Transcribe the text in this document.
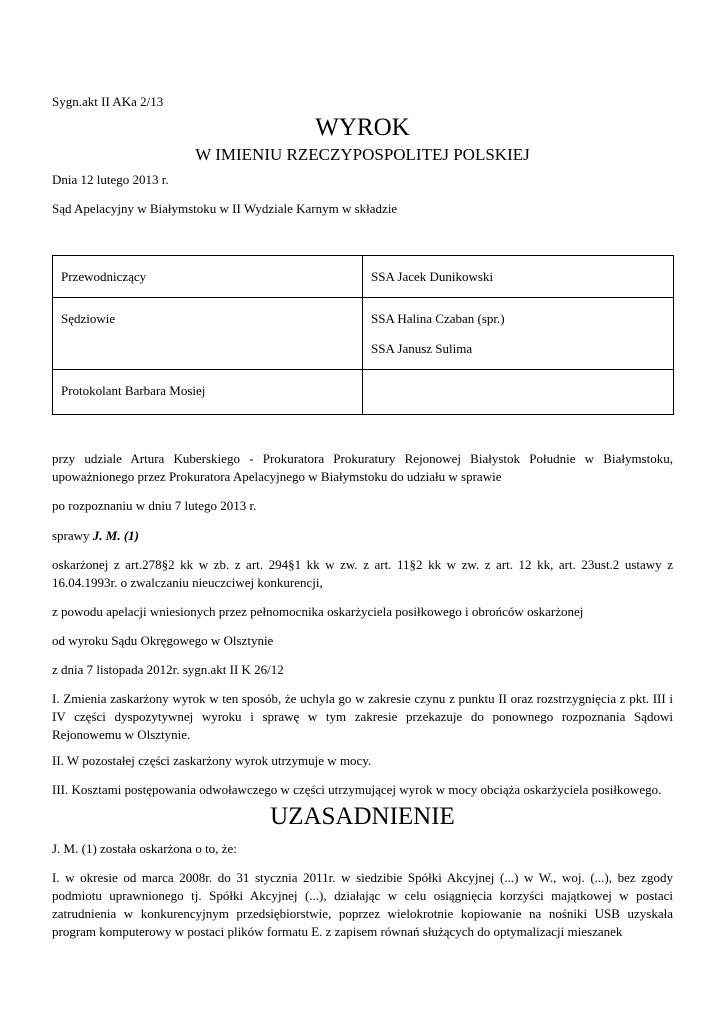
Sygn.akt II AKa 2/13

WYROK
W IMIENIU RZECZYPOSPOLITEJ POLSKIEJ

Dnia 12 lutego 2013 r.

Sąd Apelacyjny w Białymstoku w II Wydziale Karnym w składzie

Przewodniczący	SSA Jacek Dunikowski
Sędziowie	SSA Halina Czaban (spr.)
SSA Janusz Sulima

Protokolant Barbara Mosiej	

przy udziale Artura Kuberskiego - Prokuratora Prokuratury Rejonowej Białystok Południe w Białymstoku, upoważnionego przez Prokuratora Apelacyjnego w Białymstoku do udziału w sprawie

po rozpoznaniu w dniu 7 lutego 2013 r.

sprawy J. M. (1)

oskarżonej z art.278§2 kk w zb. z art. 294§1 kk w zw. z art. 11§2 kk w zw. z art. 12 kk, art. 23ust.2 ustawy z 16.04.1993r. o zwalczaniu nieuczciwej konkurencji,

z powodu apelacji wniesionych przez pełnomocnika oskarżyciela posiłkowego i obrońców oskarżonej

od wyroku Sądu Okręgowego w Olsztynie

z dnia 7 listopada 2012r. sygn.akt II K 26/12

I. Zmienia zaskarżony wyrok w ten sposób, że uchyla go w zakresie czynu z punktu II oraz rozstrzygnięcia z pkt. III i IV części dyspozytywnej wyroku i sprawę w tym zakresie przekazuje do ponownego rozpoznania Sądowi Rejonowemu w Olsztynie.

II. W pozostałej części zaskarżony wyrok utrzymuje w mocy.

III. Kosztami postępowania odwoławczego w części utrzymującej wyrok w mocy obciąża oskarżyciela posiłkowego.

UZASADNIENIE

J. M. (1) została oskarżona o to, że:

I. w okresie od marca 2008r. do 31 stycznia 2011r. w siedzibie Spółki Akcyjnej (...) w W., woj. (...), bez zgody podmiotu uprawnionego tj. Spółki Akcyjnej (...), działając w celu osiągnięcia korzyści majątkowej w postaci zatrudnienia w konkurencyjnym przedsiębiorstwie, poprzez wielokrotnie kopiowanie na nośniki USB uzyskała program komputerowy w postaci plików formatu E. z zapisem równań służących do optymalizacji mieszanek
